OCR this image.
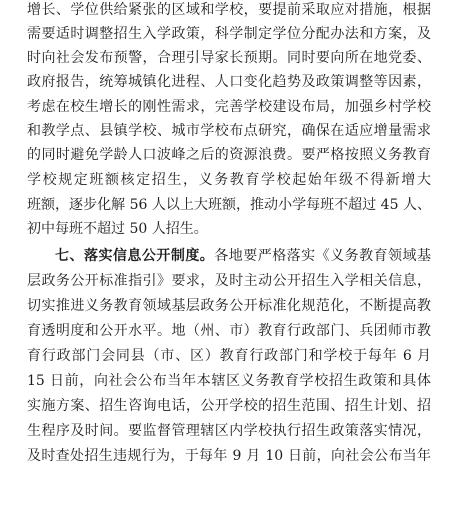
增长、学位供给紧张的区域和学校，要提前采取应对措施，根据
需要适时调整招生入学政策，科学制定学位分配办法和方案，及
时向社会发布预警，合理引导家长预期。同时要向所在地党委、
政府报告，统筹城镇化进程、人口变化趋势及政策调整等因素，
考虑在校生增长的刚性需求，完善学校建设布局，加强乡村学校
和教学点、县镇学校、城市学校布点研究，确保在适应增量需求
的同时避免学龄人口波峰之后的资源浪费。要严格按照义务教育
学校规定班额核定招生，义务教育学校起始年级不得新增大
班额，逐步化解 56 人以上大班额，推动小学每班不超过 45 人、
初中每班不超过 50 人招生。
七、落实信息公开制度。各地要严格落实《义务教育领域基
层政务公开标准指引》要求，及时主动公开招生入学相关信息，
切实推进义务教育领域基层政务公开标准化规范化，不断提高教
育透明度和公开水平。地（州、市）教育行政部门、兵团师市教
育行政部门会同县（市、区）教育行政部门和学校于每年 6 月
15 日前，向社会公布当年本辖区义务教育学校招生政策和具体
实施方案、招生咨询电话，公开学校的招生范围、招生计划、招
生程序及时间。要监督管理辖区内学校执行招生政策落实情况，
及时查处招生违规行为，于每年 9 月 10 日前，向社会公布当年
